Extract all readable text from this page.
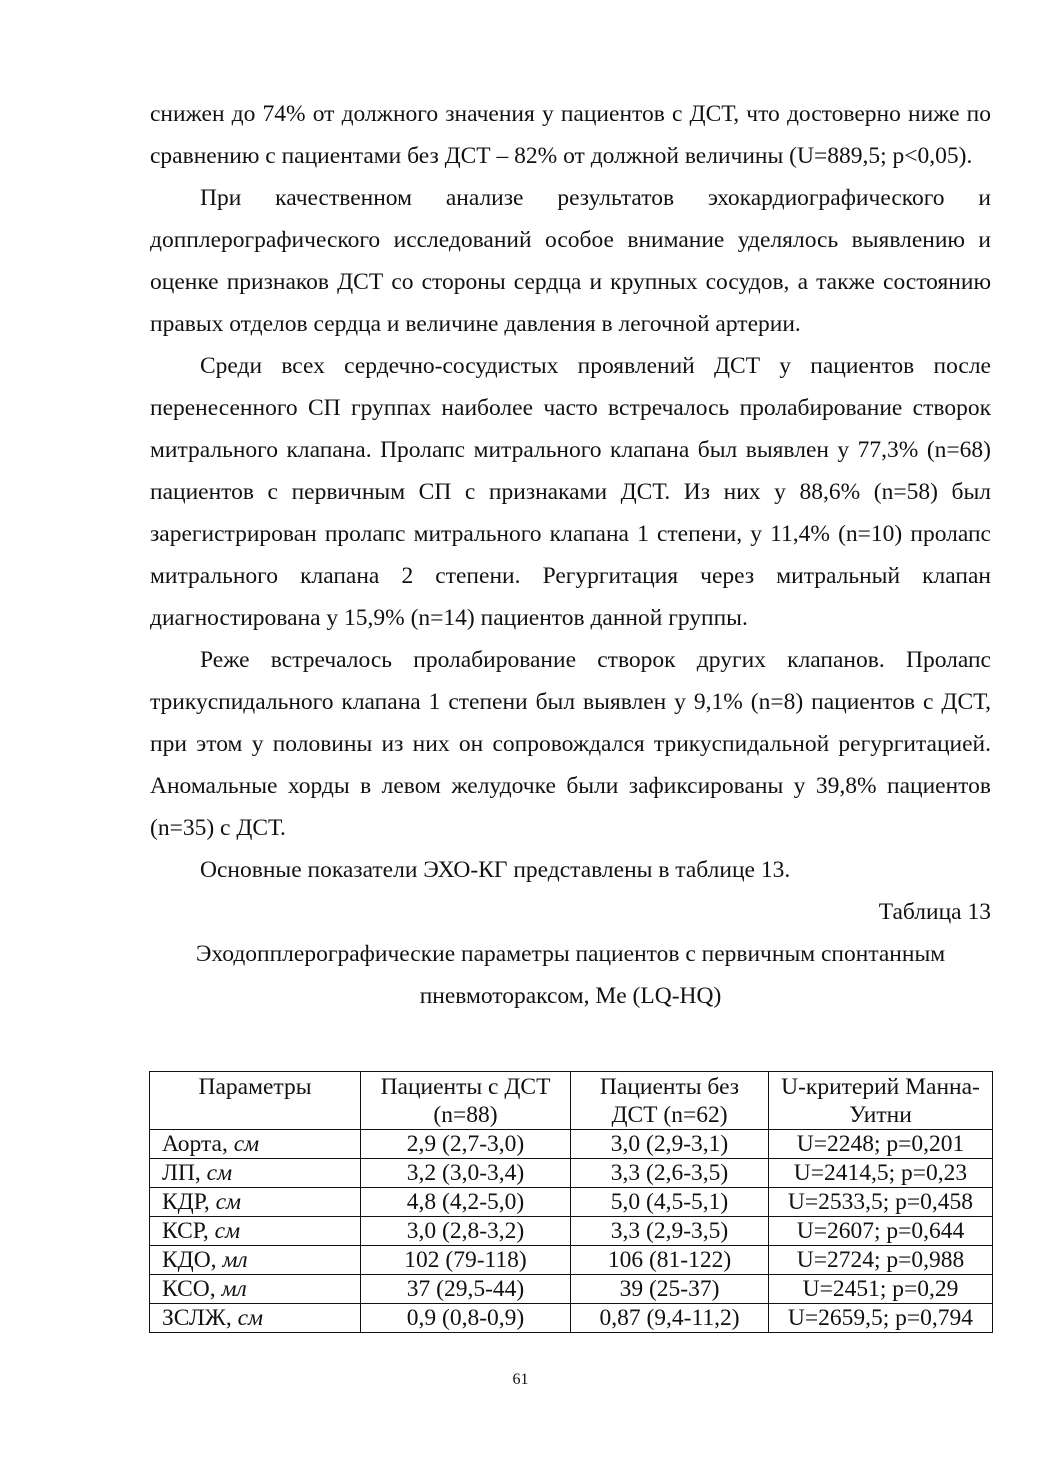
снижен до 74% от должного значения у пациентов с ДСТ, что достоверно ниже по сравнению с пациентами без ДСТ – 82% от должной величины (U=889,5; p<0,05).

При качественном анализе результатов эхокардиографического и допплерографического исследований особое внимание уделялось выявлению и оценке признаков ДСТ со стороны сердца и крупных сосудов, а также состоянию правых отделов сердца и величине давления в легочной артерии.

Среди всех сердечно-сосудистых проявлений ДСТ у пациентов после перенесенного СП группах наиболее часто встречалось пролабирование створок митрального клапана. Пролапс митрального клапана был выявлен у 77,3% (n=68) пациентов с первичным СП с признаками ДСТ. Из них у 88,6% (n=58) был зарегистрирован пролапс митрального клапана 1 степени, у 11,4% (n=10) пролапс митрального клапана 2 степени. Регургитация через митральный клапан диагностирована у 15,9% (n=14) пациентов данной группы.

Реже встречалось пролабирование створок других клапанов. Пролапс трикуспидального клапана 1 степени был выявлен у 9,1% (n=8) пациентов с ДСТ, при этом у половины из них он сопровождался трикуспидальной регургитацией. Аномальные хорды в левом желудочке были зафиксированы у 39,8% пациентов (n=35) с ДСТ.

Основные показатели ЭХО-КГ представлены в таблице 13.

Таблица 13

Эходопплерографические параметры пациентов с первичным спонтанным пневмотораксом, Me (LQ-HQ)

Параметры	Пациенты с ДСТ (n=88)	Пациенты без ДСТ (n=62)	U-критерий Манна-Уитни
Аорта, см	2,9 (2,7-3,0)	3,0 (2,9-3,1)	U=2248; p=0,201
ЛП, см	3,2 (3,0-3,4)	3,3 (2,6-3,5)	U=2414,5; p=0,23
КДР, см	4,8 (4,2-5,0)	5,0 (4,5-5,1)	U=2533,5; p=0,458
КСР, см	3,0 (2,8-3,2)	3,3 (2,9-3,5)	U=2607; p=0,644
КДО, мл	102 (79-118)	106 (81-122)	U=2724; p=0,988
КСО, мл	37 (29,5-44)	39 (25-37)	U=2451; p=0,29
ЗСЛЖ, см	0,9 (0,8-0,9)	0,87 (9,4-11,2)	U=2659,5; p=0,794
61
